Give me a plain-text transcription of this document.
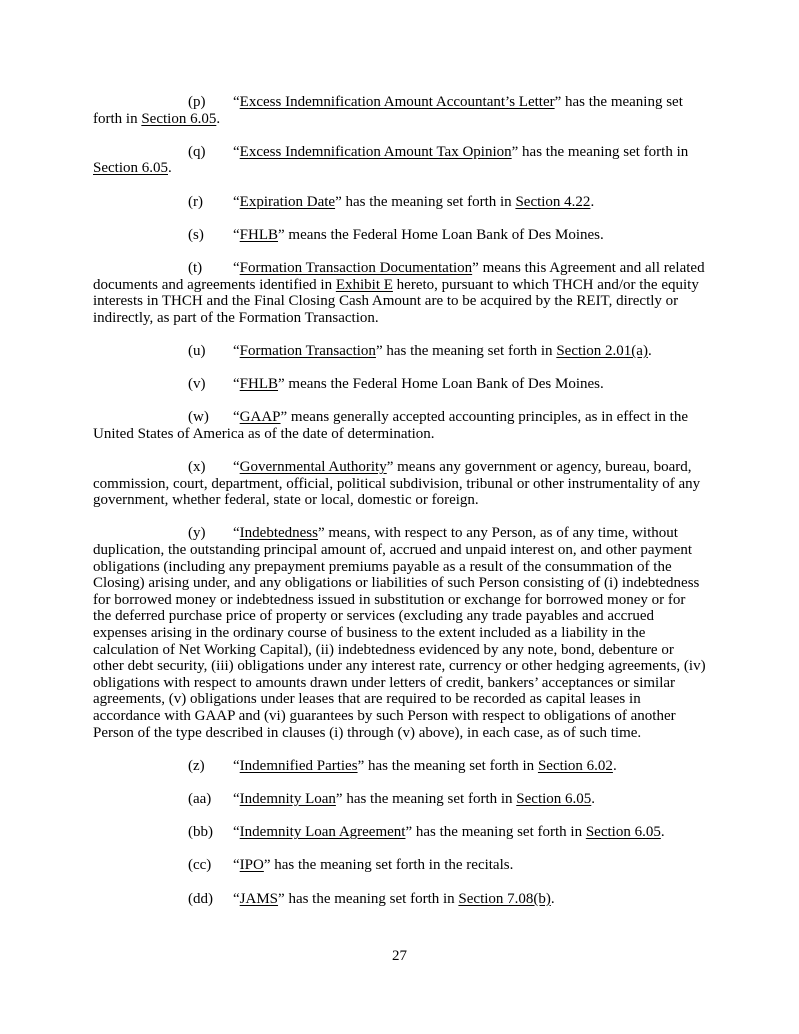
(p) “Excess Indemnification Amount Accountant’s Letter” has the meaning set forth in Section 6.05.

(q) “Excess Indemnification Amount Tax Opinion” has the meaning set forth in Section 6.05.

(r) “Expiration Date” has the meaning set forth in Section 4.22.

(s) “FHLB” means the Federal Home Loan Bank of Des Moines.

(t) “Formation Transaction Documentation” means this Agreement and all related documents and agreements identified in Exhibit E hereto, pursuant to which THCH and/or the equity interests in THCH and the Final Closing Cash Amount are to be acquired by the REIT, directly or indirectly, as part of the Formation Transaction.

(u) “Formation Transaction” has the meaning set forth in Section 2.01(a).

(v) “FHLB” means the Federal Home Loan Bank of Des Moines.

(w) “GAAP” means generally accepted accounting principles, as in effect in the United States of America as of the date of determination.

(x) “Governmental Authority” means any government or agency, bureau, board, commission, court, department, official, political subdivision, tribunal or other instrumentality of any government, whether federal, state or local, domestic or foreign.

(y) “Indebtedness” means, with respect to any Person, as of any time, without duplication, the outstanding principal amount of, accrued and unpaid interest on, and other payment obligations (including any prepayment premiums payable as a result of the consummation of the Closing) arising under, and any obligations or liabilities of such Person consisting of (i) indebtedness for borrowed money or indebtedness issued in substitution or exchange for borrowed money or for the deferred purchase price of property or services (excluding any trade payables and accrued expenses arising in the ordinary course of business to the extent included as a liability in the calculation of Net Working Capital), (ii) indebtedness evidenced by any note, bond, debenture or other debt security, (iii) obligations under any interest rate, currency or other hedging agreements, (iv) obligations with respect to amounts drawn under letters of credit, bankers’ acceptances or similar agreements, (v) obligations under leases that are required to be recorded as capital leases in accordance with GAAP and (vi) guarantees by such Person with respect to obligations of another Person of the type described in clauses (i) through (v) above), in each case, as of such time.

(z) “Indemnified Parties” has the meaning set forth in Section 6.02.

(aa) “Indemnity Loan” has the meaning set forth in Section 6.05.

(bb) “Indemnity Loan Agreement” has the meaning set forth in Section 6.05.

(cc) “IPO” has the meaning set forth in the recitals.

(dd) “JAMS” has the meaning set forth in Section 7.08(b).

27
